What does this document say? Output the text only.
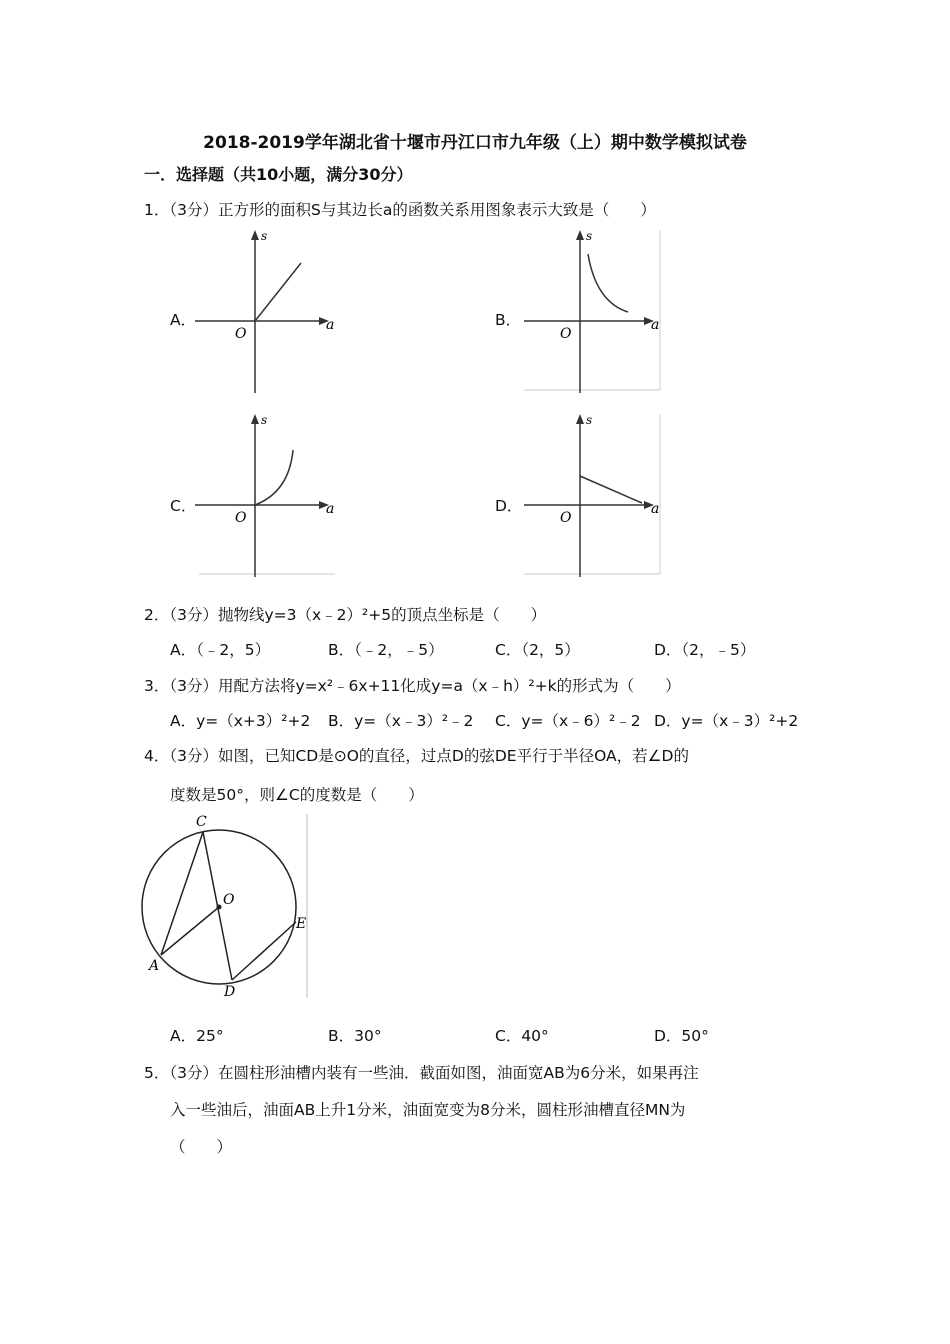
2018-2019学年湖北省十堰市丹江口市九年级（上）期中数学模拟试卷
一．选择题（共10小题，满分30分）
1．（3分）正方形的面积S与其边长a的函数关系用图象表示大致是（　　）
A．	B．
C．	D．
s
a
O
s
a
O
s
a
O
s
a
O
2．（3分）抛物线y=3（x﹣2）²+5的顶点坐标是（　　）
A．（﹣2，5）	B．（﹣2，﹣5）	C．（2，5）	D．（2，﹣5）
3．（3分）用配方法将y=x²﹣6x+11化成y=a（x﹣h）²+k的形式为（　　）
A．y=（x+3）²+2 B．y=（x﹣3）²﹣2 C．y=（x﹣6）²﹣2 D．y=（x﹣3）²+2
4．（3分）如图，已知CD是⊙O的直径，过点D的弦DE平行于半径OA，若∠D的
度数是50°，则∠C的度数是（　　）
C
O
E
A
D
A．25°	B．30°	C．40°	D．50°
5．（3分）在圆柱形油槽内装有一些油．截面如图，油面宽AB为6分米，如果再注
入一些油后，油面AB上升1分米，油面宽变为8分米，圆柱形油槽直径MN为
（　　）
